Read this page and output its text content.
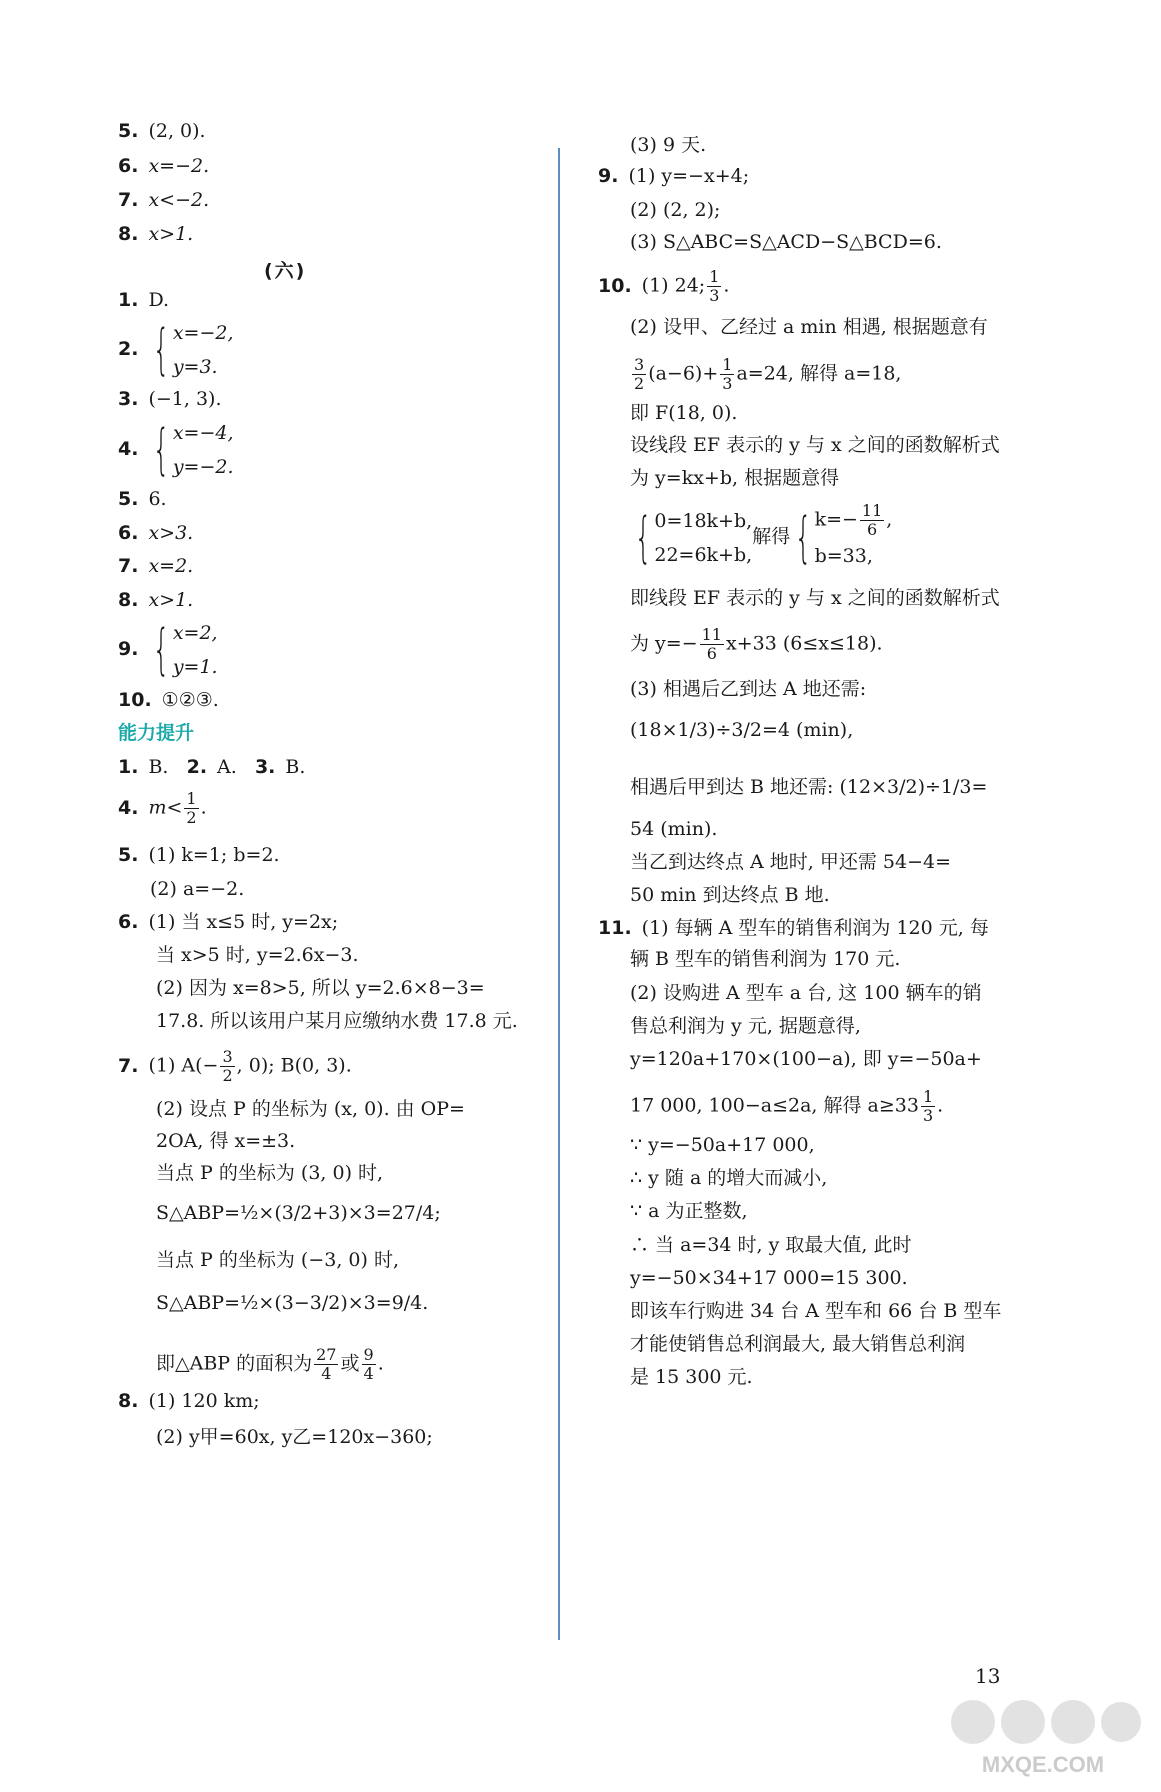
5. (2, 0).
6. x=−2.
7. x<−2.
8. x>1.
(六)
1. D.
2. { x=−2,
y=3.
3. (−1, 3).
4. { x=−4,
y=−2.
5. 6.
6. x>3.
7. x=2.
8. x>1.
9. { x=2,
y=1.
10. ①②③.
能力提升
1. B. 2. A. 3. B.
4. $m< \frac{1}{2}$ .
5. (1) k=1; b=2.
(2) a=−2.
6. (1) 当 x≤5 时, y=2x;
当 x>5 时, y=2.6x−3.
(2) 因为 x=8>5, 所以 y=2.6×8−3=
17.8. 所以该用户某月应缴纳水费 17.8 元.
7. (1) $A(- \frac{3}{2}$ , 0); B(0, 3).
(2) 设点 P 的坐标为 (x, 0). 由 OP=
2OA, 得 x=±3.
当点 P 的坐标为 (3, 0) 时,
S△ABP=½×(3/2+3)×3=27/4;
当点 P 的坐标为 (−3, 0) 时,
S△ABP=½×(3−3/2)×3=9/4.
即△ABP 的面积为 $\frac{27}{4}$ 或 $\frac{9}{4}$ .
8. (1) 120 km;
(2) y甲=60x, y乙=120x−360;
(3) 9 天.
9. (1) y=−x+4;
(2) (2, 2);
(3) S△ABC=S△ACD−S△BCD=6.
10. (1) 24; $\frac{1}{3}$ .
(2) 设甲、乙经过 a min 相遇, 根据题意有
$\frac{3}{2} (a-6)+ \frac{1}{3} a=24$, 解得 a=18,
即 F(18, 0).
设线段 EF 表示的 y 与 x 之间的函数解析式
为 y=kx+b, 根据题意得
{ 0=18k+b,
22=6k+b,解得{ $k=- \frac{11}{6}$ ,
b=33,
即线段 EF 表示的 y 与 x 之间的函数解析式
为 $y=- \frac{11}{6} x+33$ (6≤x≤18).
(3) 相遇后乙到达 A 地还需:
(18×1/3)÷3/2=4 (min),
相遇后甲到达 B 地还需: (12×3/2)÷1/3=
54 (min).
当乙到达终点 A 地时, 甲还需 54−4=
50 min 到达终点 B 地.
11. (1) 每辆 A 型车的销售利润为 120 元, 每
辆 B 型车的销售利润为 170 元.
(2) 设购进 A 型车 a 台, 这 100 辆车的销
售总利润为 y 元, 据题意得,
y=120a+170×(100−a), 即 y=−50a+
17 000, 100−a≤2a, 解得 $a\ge 33 \frac{1}{3}$ .
∵ y=−50a+17 000,
∴ y 随 a 的增大而减小,
∵ a 为正整数,
∴ 当 a=34 时, y 取最大值, 此时
y=−50×34+17 000=15 300.
即该车行购进 34 台 A 型车和 66 台 B 型车
才能使销售总利润最大, 最大销售总利润
是 15 300 元.
13
MXQE.COM
